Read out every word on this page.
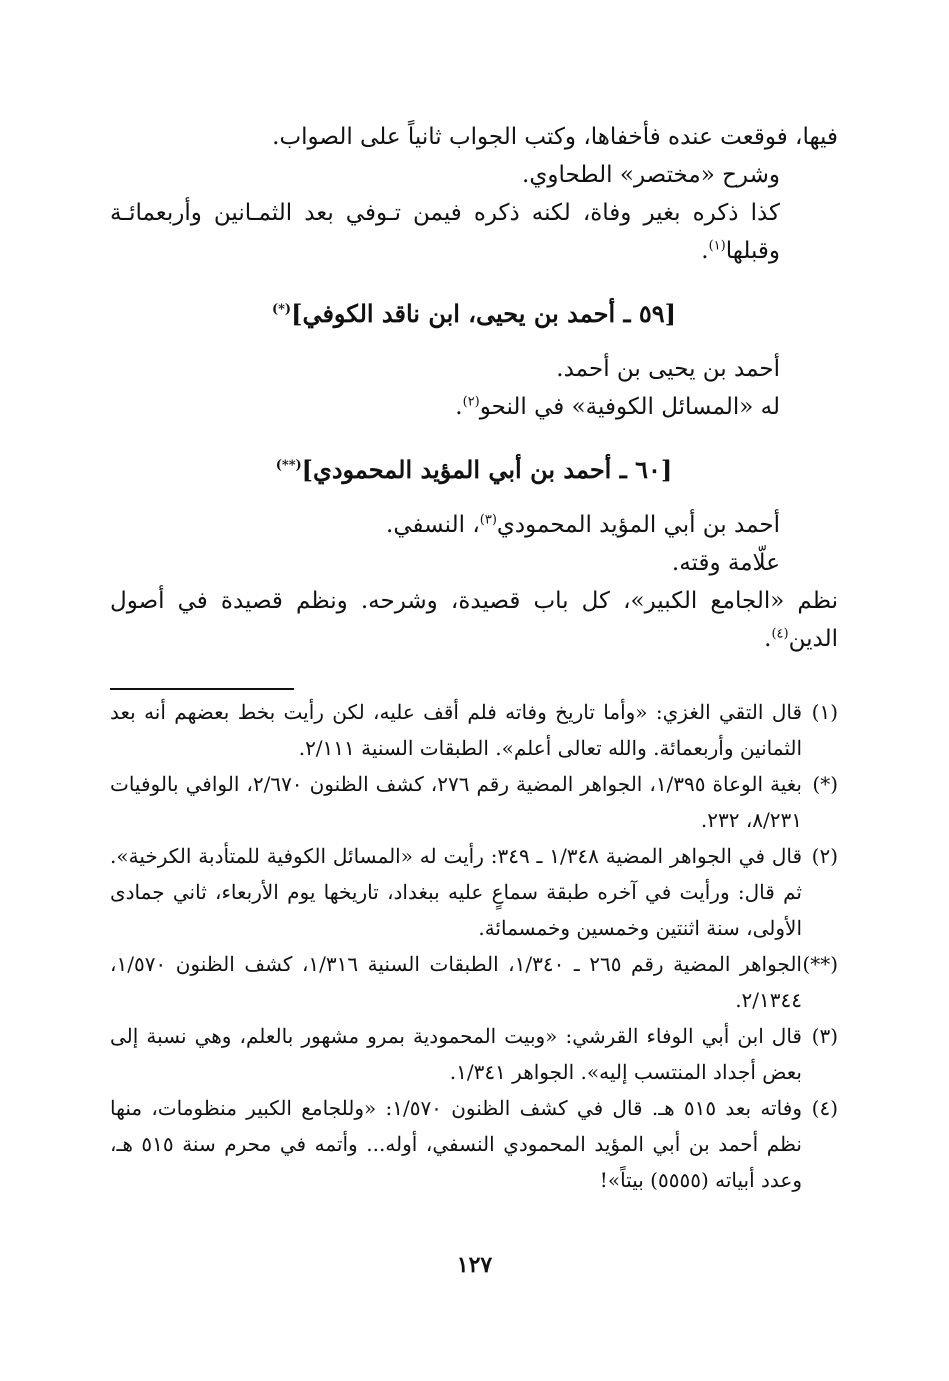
فيها، فوقعت عنده فأخفاها، وكتب الجواب ثانياً على الصواب.

وشرح «مختصر» الطحاوي.

كذا ذكره بغير وفاة، لكنه ذكره فيمن تـوفي بعد الثمـانين وأربعمائـة وقبلها$^{(١)}$.

[٥٩ ـ أحمد بن يحيى، ابن ناقد الكوفي](*)

أحمد بن يحيى بن أحمد.

له «المسائل الكوفية» في النحو$^{(٢)}$.

[٦٠ ـ أحمد بن أبي المؤيد المحمودي](**)

أحمد بن أبي المؤيد المحمودي$^{(٣)}$، النسفي.

علّامة وقته.

نظم «الجامع الكبير»، كل باب قصيدة، وشرحه. ونظم قصيدة في أصول الدين$^{(٤)}$.

(١)
قال التقي الغزي: «وأما تاريخ وفاته فلم أقف عليه، لكن رأيت بخط بعضهم أنه بعد الثمانين وأربعمائة. والله تعالى أعلم». الطبقات السنية ٢/١١١.
(*)
بغية الوعاة ١/٣٩٥، الجواهر المضية رقم ٢٧٦، كشف الظنون ٢/٦٧٠، الوافي بالوفيات ٨/٢٣١، ٢٣٢.
(٢)
قال في الجواهر المضية ١/٣٤٨ ـ ٣٤٩: رأيت له «المسائل الكوفية للمتأدبة الكرخية». ثم قال: ورأيت في آخره طبقة سماعٍ عليه ببغداد، تاريخها يوم الأربعاء، ثاني جمادى الأولى، سنة اثنتين وخمسين وخمسمائة.
(**)
الجواهر المضية رقم ٢٦٥ ـ ١/٣٤٠، الطبقات السنية ١/٣١٦، كشف الظنون ١/٥٧٠، ٢/١٣٤٤.
(٣)
قال ابن أبي الوفاء القرشي: «وبيت المحمودية بمرو مشهور بالعلم، وهي نسبة إلى بعض أجداد المنتسب إليه». الجواهر ١/٣٤١.
(٤)
وفاته بعد ٥١٥ هـ. قال في كشف الظنون ١/٥٧٠: «وللجامع الكبير منظومات، منها نظم أحمد بن أبي المؤيد المحمودي النسفي، أوله... وأتمه في محرم سنة ٥١٥ هـ، وعدد أبياته (٥٥٥٥) بيتاً»!
١٢٧
